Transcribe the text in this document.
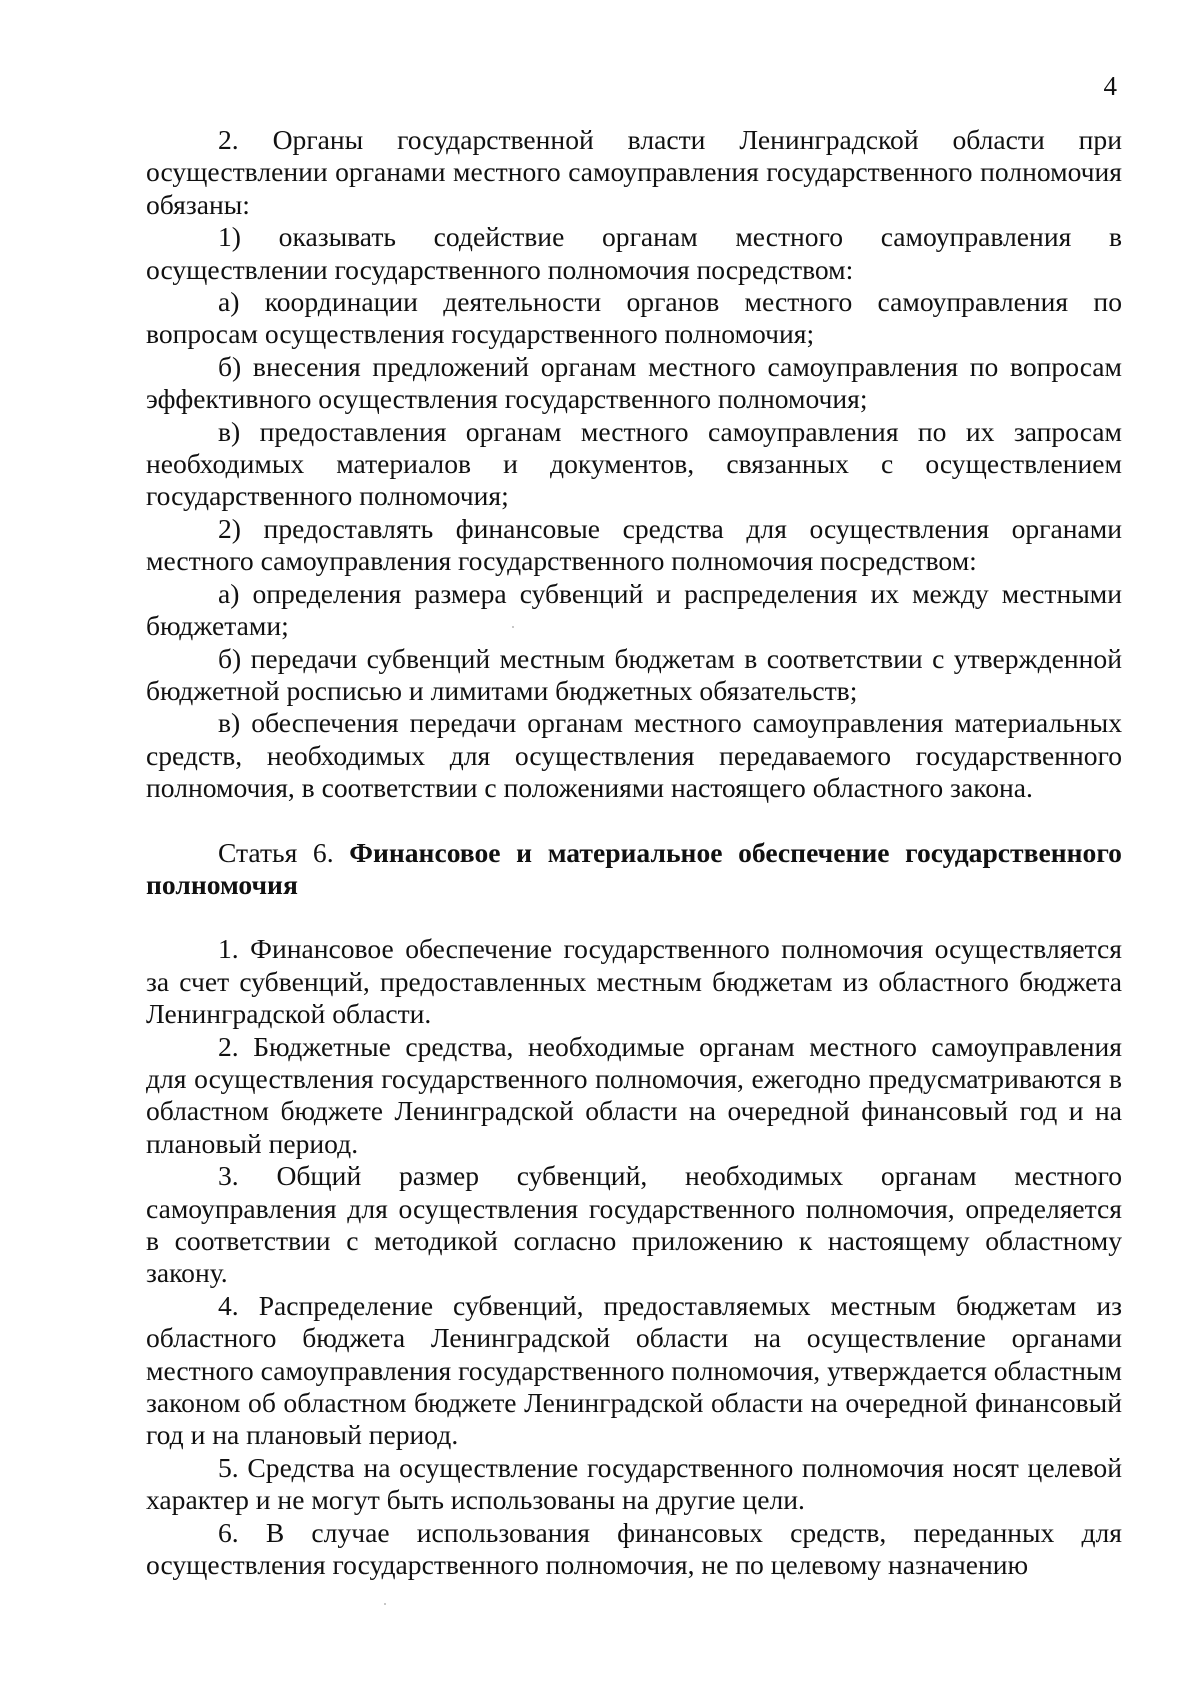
4

2. Органы государственной власти Ленинградской области при осуществлении органами местного самоуправления государственного полномочия обязаны:

1) оказывать содействие органам местного самоуправления в осуществлении государственного полномочия посредством:

а) координации деятельности органов местного самоуправления по вопросам осуществления государственного полномочия;

б) внесения предложений органам местного самоуправления по вопросам эффективного осуществления государственного полномочия;

в) предоставления органам местного самоуправления по их запросам необходимых материалов и документов, связанных с осуществлением государственного полномочия;

2) предоставлять финансовые средства для осуществления органами местного самоуправления государственного полномочия посредством:

а) определения размера субвенций и распределения их между местными бюджетами;

б) передачи субвенций местным бюджетам в соответствии с утвержденной бюджетной росписью и лимитами бюджетных обязательств;

в) обеспечения передачи органам местного самоуправления материальных средств, необходимых для осуществления передаваемого государственного полномочия, в соответствии с положениями настоящего областного закона.

Статья 6. Финансовое и материальное обеспечение государственного полномочия

1. Финансовое обеспечение государственного полномочия осуществляется за счет субвенций, предоставленных местным бюджетам из областного бюджета Ленинградской области.

2. Бюджетные средства, необходимые органам местного самоуправления для осуществления государственного полномочия, ежегодно предусматриваются в областном бюджете Ленинградской области на очередной финансовый год и на плановый период.

3. Общий размер субвенций, необходимых органам местного самоуправления для осуществления государственного полномочия, определяется в соответствии с методикой согласно приложению к настоящему областному закону.

4. Распределение субвенций, предоставляемых местным бюджетам из областного бюджета Ленинградской области на осуществление органами местного самоуправления государственного полномочия, утверждается областным законом об областном бюджете Ленинградской области на очередной финансовый год и на плановый период.

5. Средства на осуществление государственного полномочия носят целевой характер и не могут быть использованы на другие цели.

6. В случае использования финансовых средств, переданных для осуществления государственного полномочия, не по целевому назначению
